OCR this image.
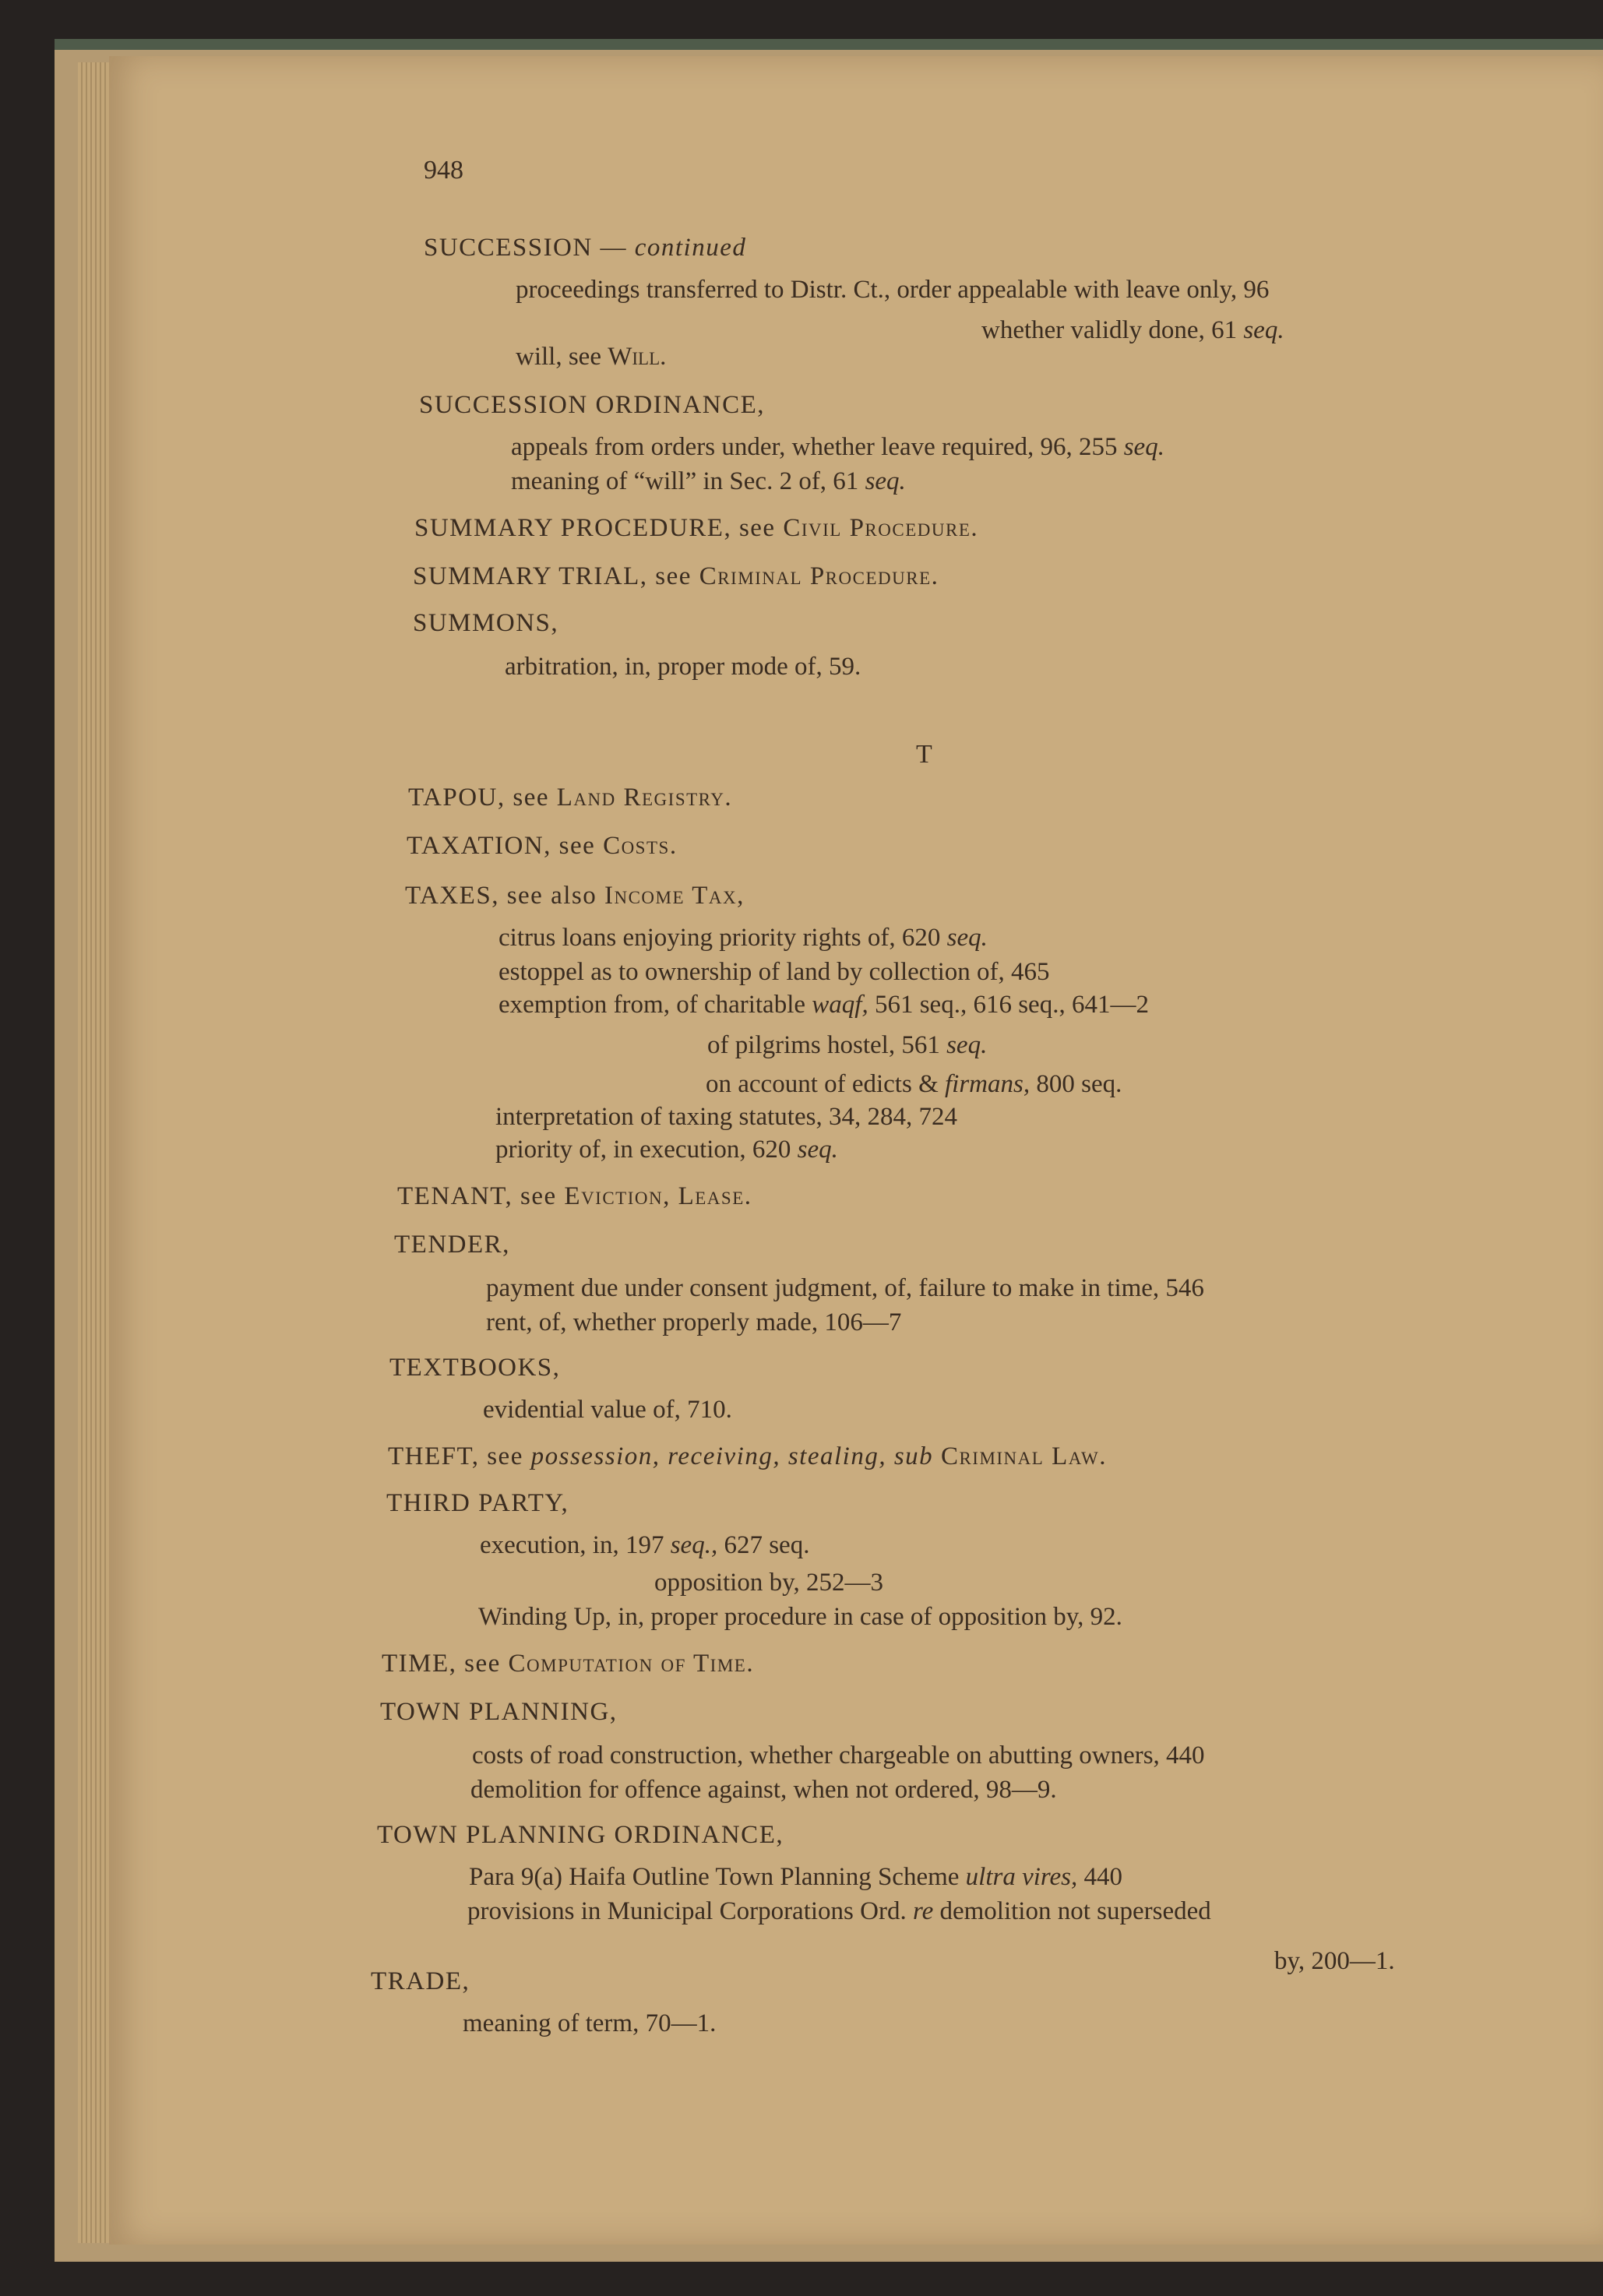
948
SUCCESSION — continued
proceedings transferred to Distr. Ct., order appealable with leave only, 96
whether validly done, 61 seq.
will, see Will.
SUCCESSION ORDINANCE,
appeals from orders under, whether leave required, 96, 255 seq.
meaning of “will” in Sec. 2 of, 61 seq.
SUMMARY PROCEDURE, see Civil Procedure.
SUMMARY TRIAL, see Criminal Procedure.
SUMMONS,
arbitration, in, proper mode of, 59.
T
TAPOU, see Land Registry.
TAXATION, see Costs.
TAXES, see also Income Tax,
citrus loans enjoying priority rights of, 620 seq.
estoppel as to ownership of land by collection of, 465
exemption from, of charitable waqf, 561 seq., 616 seq., 641—2
of pilgrims hostel, 561 seq.
on account of edicts & firmans, 800 seq.
interpretation of taxing statutes, 34, 284, 724
priority of, in execution, 620 seq.
TENANT, see Eviction, Lease.
TENDER,
payment due under consent judgment, of, failure to make in time, 546
rent, of, whether properly made, 106—7
TEXTBOOKS,
evidential value of, 710.
THEFT, see possession, receiving, stealing, sub Criminal Law.
THIRD PARTY,
execution, in, 197 seq., 627 seq.
opposition by, 252—3
Winding Up, in, proper procedure in case of opposition by, 92.
TIME, see Computation of Time.
TOWN PLANNING,
costs of road construction, whether chargeable on abutting owners, 440
demolition for offence against, when not ordered, 98—9.
TOWN PLANNING ORDINANCE,
Para 9(a) Haifa Outline Town Planning Scheme ultra vires, 440
provisions in Municipal Corporations Ord. re demolition not superseded
by, 200—1.
TRADE,
meaning of term, 70—1.
